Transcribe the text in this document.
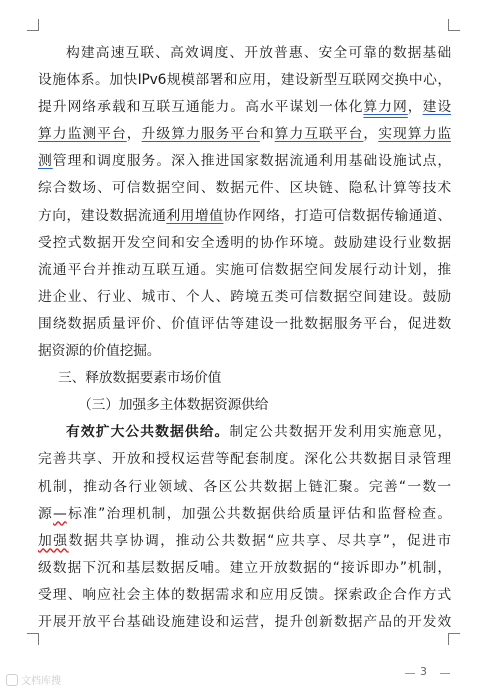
构建高速互联、高效调度、开放普惠、安全可靠的数据基础
设施体系。加快IPv6规模部署和应用，建设新型互联网交换中心，
提升网络承载和互联互通能力。高水平谋划一体化算力网，建设
算力监测平台，升级算力服务平台和算力互联平台，实现算力监
测管理和调度服务。深入推进国家数据流通利用基础设施试点，
综合数场、可信数据空间、数据元件、区块链、隐私计算等技术
方向，建设数据流通利用增值协作网络，打造可信数据传输通道、
受控式数据开发空间和安全透明的协作环境。鼓励建设行业数据
流通平台并推动互联互通。实施可信数据空间发展行动计划，推
进企业、行业、城市、个人、跨境五类可信数据空间建设。鼓励
围绕数据质量评价、价值评估等建设一批数据服务平台，促进数
据资源的价值挖掘。
三、释放数据要素市场价值
（三）加强多主体数据资源供给
有效扩大公共数据供给。制定公共数据开发利用实施意见，
完善共享、开放和授权运营等配套制度。深化公共数据目录管理
机制，推动各行业领域、各区公共数据上链汇聚。完善“一数一
源—标准”治理机制，加强公共数据供给质量评估和监督检查。
加强数据共享协调，推动公共数据“应共享、尽共享”，促进市
级数据下沉和基层数据反哺。建立开放数据的“接诉即办”机制，
受理、响应社会主体的数据需求和应用反馈。探索政企合作方式
开展开放平台基础设施建设和运营，提升创新数据产品的开发效
3
文档库搜
